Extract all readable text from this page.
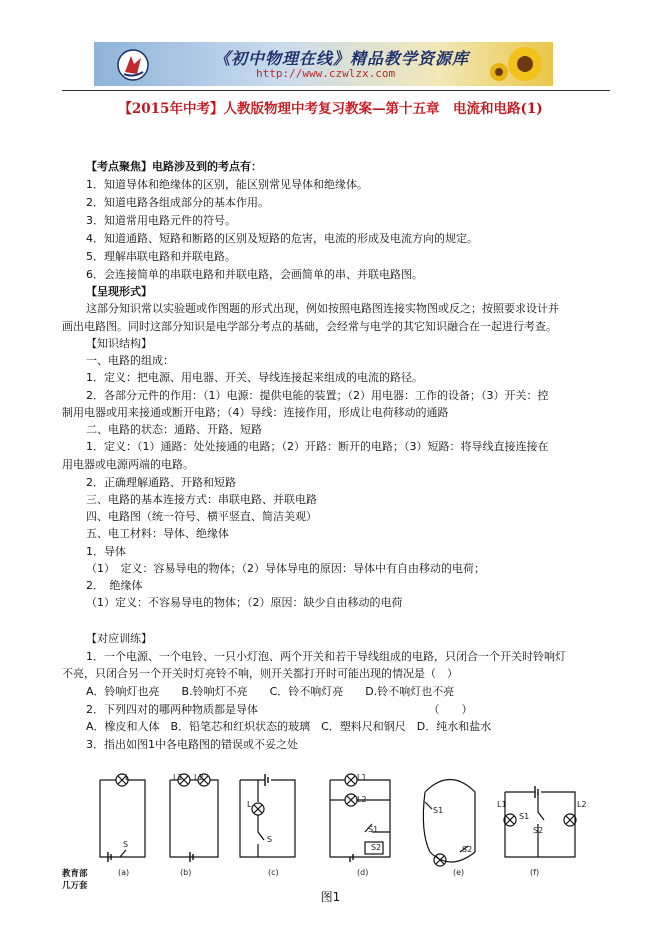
《初中物理在线》精品教学资源库
http://www.czwlzx.com
【2015年中考】人教版物理中考复习教案—第十五章　电流和电路(1)
【考点聚焦】电路涉及到的考点有：
1．知道导体和绝缘体的区别，能区别常见导体和绝缘体。
2．知道电路各组成部分的基本作用。
3．知道常用电路元件的符号。
4．知道通路、短路和断路的区别及短路的危害，电流的形成及电流方向的规定。
5．理解串联电路和并联电路。
6．会连接简单的串联电路和并联电路，会画简单的串、并联电路图。
【呈现形式】
这部分知识常以实验题或作图题的形式出现，例如按照电路图连接实物图或反之；按照要求设计并
画出电路图。同时这部分知识是电学部分考点的基础，会经常与电学的其它知识融合在一起进行考查。
【知识结构】
一、电路的组成：
1．定义：把电源、用电器、开关、导线连接起来组成的电流的路径。
2．各部分元件的作用：（1）电源：提供电能的装置；（2）用电器：工作的设备；（3）开关：控
制用电器或用来接通或断开电路；（4）导线：连接作用，形成让电荷移动的通路
二、电路的状态：通路、开路、短路
1．定义：（1）通路：处处接通的电路；（2）开路：断开的电路；（3）短路：将导线直接连接在
用电器或电源两端的电路。
2．正确理解通路、开路和短路
三、电路的基本连接方式：串联电路、并联电路
四、电路图（统一符号、横平竖直、简洁美观）
五、电工材料：导体、绝缘体
1．导体
（1）　定义：容易导电的物体；（2）导体导电的原因：导体中有自由移动的电荷；
2．　绝缘体
（1）定义：不容易导电的物体；（2）原因：缺少自由移动的电荷
【对应训练】
1．一个电源、一个电铃、一只小灯泡、两个开关和若干导线组成的电路，只闭合一个开关时铃响灯
不亮，只闭合另一个开关时灯亮铃不响，则开关都打开时可能出现的情况是（　）
A．铃响灯也亮　　B.铃响灯不亮　　C．铃不响灯亮　　D.铃不响灯也不亮
2．下列四对的哪两种物质都是导体　　　　　　　　　　　　　　　　（　　）
A．橡皮和人体　B．铅笔芯和红炽状态的玻璃　C．塑料尺和钢尺　D．纯水和盐水
3．指出如图1中各电路图的错误或不妥之处
L	L1 L2
S
L
S
L1
L2
S1
S2
S1
S2
L1
S1
S2
L2
(a)	(b)	(c)	(d)	(e)	(f)
教育部
几万套
图1
